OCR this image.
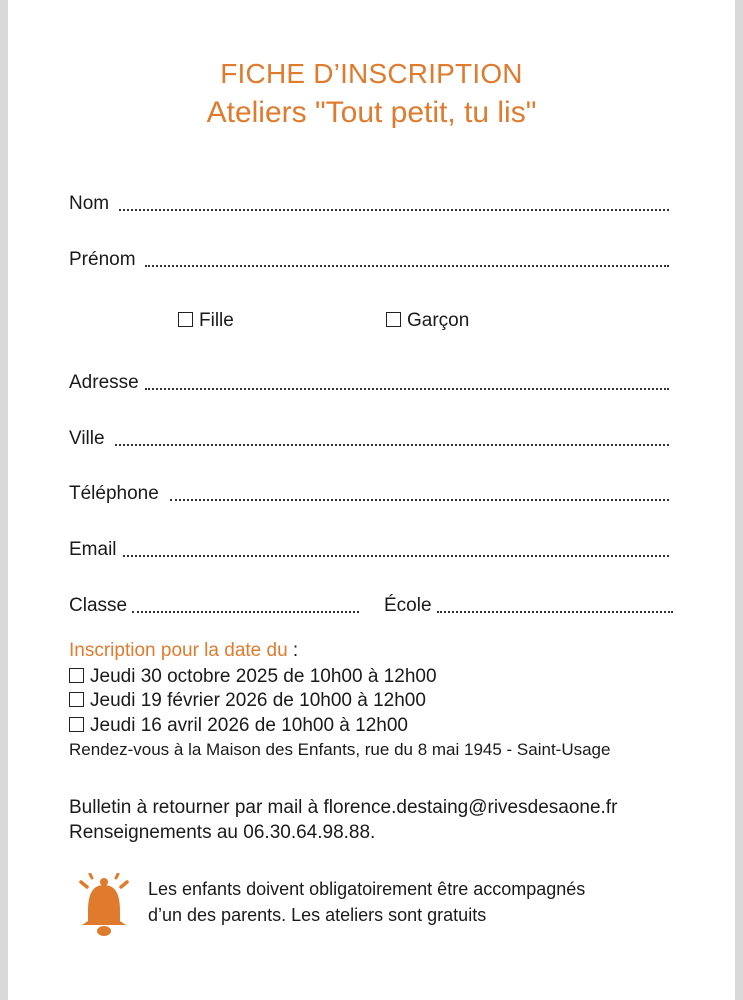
FICHE D’INSCRIPTION
Ateliers "Tout petit, tu lis"
Nom
Prénom
Fille	Garçon
Adresse
Ville
Téléphone
Email
Classe	École
Inscription pour la date du :
Jeudi 30 octobre 2025 de 10h00 à 12h00
Jeudi 19 février 2026 de 10h00 à 12h00
Jeudi 16 avril 2026 de 10h00 à 12h00
Rendez-vous à la Maison des Enfants, rue du 8 mai 1945 - Saint-Usage
Bulletin à retourner par mail à florence.destaing@rivesdesaone.fr
Renseignements au 06.30.64.98.88.
Les enfants doivent obligatoirement être accompagnés
d’un des parents. Les ateliers sont gratuits
